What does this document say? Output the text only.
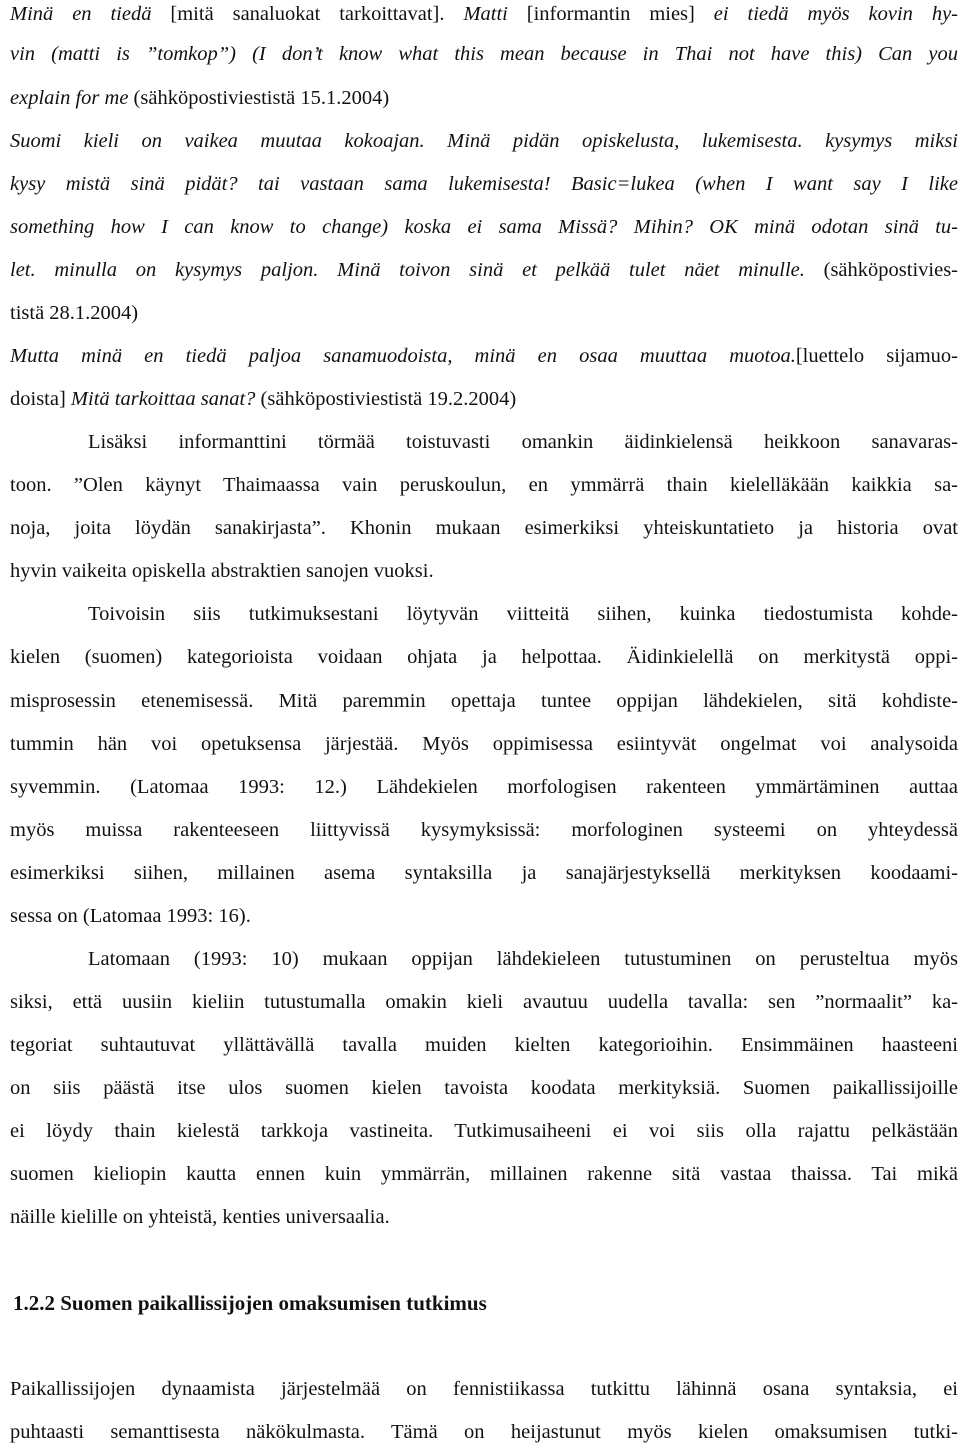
Minä en tiedä [mitä sanaluokat tarkoittavat]. Matti [informantin mies] ei tiedä myös kovin hy-
vin (matti is ”tomkop”) (I don’t know what this mean because in Thai not have this) Can you
explain for me (sähköpostiviestistä 15.1.2004)
Suomi kieli on vaikea muutaa kokoajan. Minä pidän opiskelusta, lukemisesta. kysymys miksi
kysy mistä sinä pidät? tai vastaan sama lukemisesta! Basic=lukea (when I want say I like
something how I can know to change) koska ei sama Missä? Mihin? OK minä odotan sinä tu-
let. minulla on kysymys paljon. Minä toivon sinä et pelkää tulet näet minulle. (sähköpostivies-
tistä 28.1.2004)
Mutta minä en tiedä paljoa sanamuodoista, minä en osaa muuttaa muotoa.[luettelo sijamuo-
doista] Mitä tarkoittaa sanat? (sähköpostiviestistä 19.2.2004)
Lisäksi informanttini törmää toistuvasti omankin äidinkielensä heikkoon sanavaras-
toon. ”Olen käynyt Thaimaassa vain peruskoulun, en ymmärrä thain kielelläkään kaikkia sa-
noja, joita löydän sanakirjasta”. Khonin mukaan esimerkiksi yhteiskuntatieto ja historia ovat
hyvin vaikeita opiskella abstraktien sanojen vuoksi.
Toivoisin siis tutkimuksestani löytyvän viitteitä siihen, kuinka tiedostumista kohde-
kielen (suomen) kategorioista voidaan ohjata ja helpottaa. Äidinkielellä on merkitystä oppi-
misprosessin etenemisessä. Mitä paremmin opettaja tuntee oppijan lähdekielen, sitä kohdiste-
tummin hän voi opetuksensa järjestää. Myös oppimisessa esiintyvät ongelmat voi analysoida
syvemmin. (Latomaa 1993: 12.) Lähdekielen morfologisen rakenteen ymmärtäminen auttaa
myös muissa rakenteeseen liittyvissä kysymyksissä: morfologinen systeemi on yhteydessä
esimerkiksi siihen, millainen asema syntaksilla ja sanajärjestyksellä merkityksen koodaami-
sessa on (Latomaa 1993: 16).
Latomaan (1993: 10) mukaan oppijan lähdekieleen tutustuminen on perusteltua myös
siksi, että uusiin kieliin tutustumalla omakin kieli avautuu uudella tavalla: sen ”normaalit” ka-
tegoriat suhtautuvat yllättävällä tavalla muiden kielten kategorioihin. Ensimmäinen haasteeni
on siis päästä itse ulos suomen kielen tavoista koodata merkityksiä. Suomen paikallissijoille
ei löydy thain kielestä tarkkoja vastineita. Tutkimusaiheeni ei voi siis olla rajattu pelkästään
suomen kieliopin kautta ennen kuin ymmärrän, millainen rakenne sitä vastaa thaissa. Tai mikä
näille kielille on yhteistä, kenties universaalia.
1.2.2 Suomen paikallissijojen omaksumisen tutkimus
Paikallissijojen dynaamista järjestelmää on fennistiikassa tutkittu lähinnä osana syntaksia, ei
puhtaasti semanttisesta näkökulmasta. Tämä on heijastunut myös kielen omaksumisen tutki-
